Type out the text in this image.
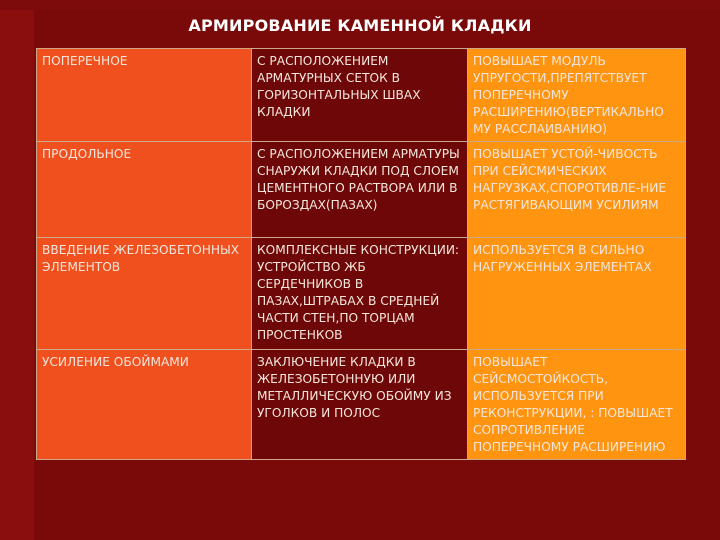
АРМИРОВАНИЕ КАМЕННОЙ КЛАДКИ
ПОПЕРЕЧНОЕ	С РАСПОЛОЖЕНИЕМ АРМАТУРНЫХ СЕТОК В ГОРИЗОНТАЛЬНЫХ ШВАХ КЛАДКИ	ПОВЫШАЕТ МОДУЛЬ УПРУГОСТИ,ПРЕПЯТСТВУЕТ ПОПЕРЕЧНОМУ РАСШИРЕНИЮ(ВЕРТИКАЛЬНО МУ РАССЛАИВАНИЮ)
ПРОДОЛЬНОЕ	С РАСПОЛОЖЕНИЕМ АРМАТУРЫ СНАРУЖИ КЛАДКИ ПОД СЛОЕМ ЦЕМЕНТНОГО РАСТВОРА ИЛИ В БОРОЗДАХ(ПАЗАХ)	ПОВЫШАЕТ УСТОЙ-ЧИВОСТЬ ПРИ СЕЙСМИЧЕСКИХ НАГРУЗКАХ,СПОРОТИВЛЕ-НИЕ РАСТЯГИВАЮЩИМ УСИЛИЯМ
ВВЕДЕНИЕ ЖЕЛЕЗОБЕТОННЫХ ЭЛЕМЕНТОВ	КОМПЛЕКСНЫЕ КОНСТРУКЦИИ: УСТРОЙСТВО ЖБ СЕРДЕЧНИКОВ В ПАЗАХ,ШТРАБАХ В СРЕДНЕЙ ЧАСТИ СТЕН,ПО ТОРЦАМ ПРОСТЕНКОВ	ИСПОЛЬЗУЕТСЯ В СИЛЬНО НАГРУЖЕННЫХ ЭЛЕМЕНТАХ
УСИЛЕНИЕ ОБОЙМАМИ	ЗАКЛЮЧЕНИЕ КЛАДКИ В ЖЕЛЕЗОБЕТОННУЮ ИЛИ МЕТАЛЛИЧЕСКУЮ ОБОЙМУ ИЗ УГОЛКОВ И ПОЛОС	ПОВЫШАЕТ СЕЙСМОСТОЙКОСТЬ, ИСПОЛЬЗУЕТСЯ ПРИ РЕКОНСТРУКЦИИ, : ПОВЫШАЕТ СОПРОТИВЛЕНИЕ ПОПЕРЕЧНОМУ РАСШИРЕНИЮ
